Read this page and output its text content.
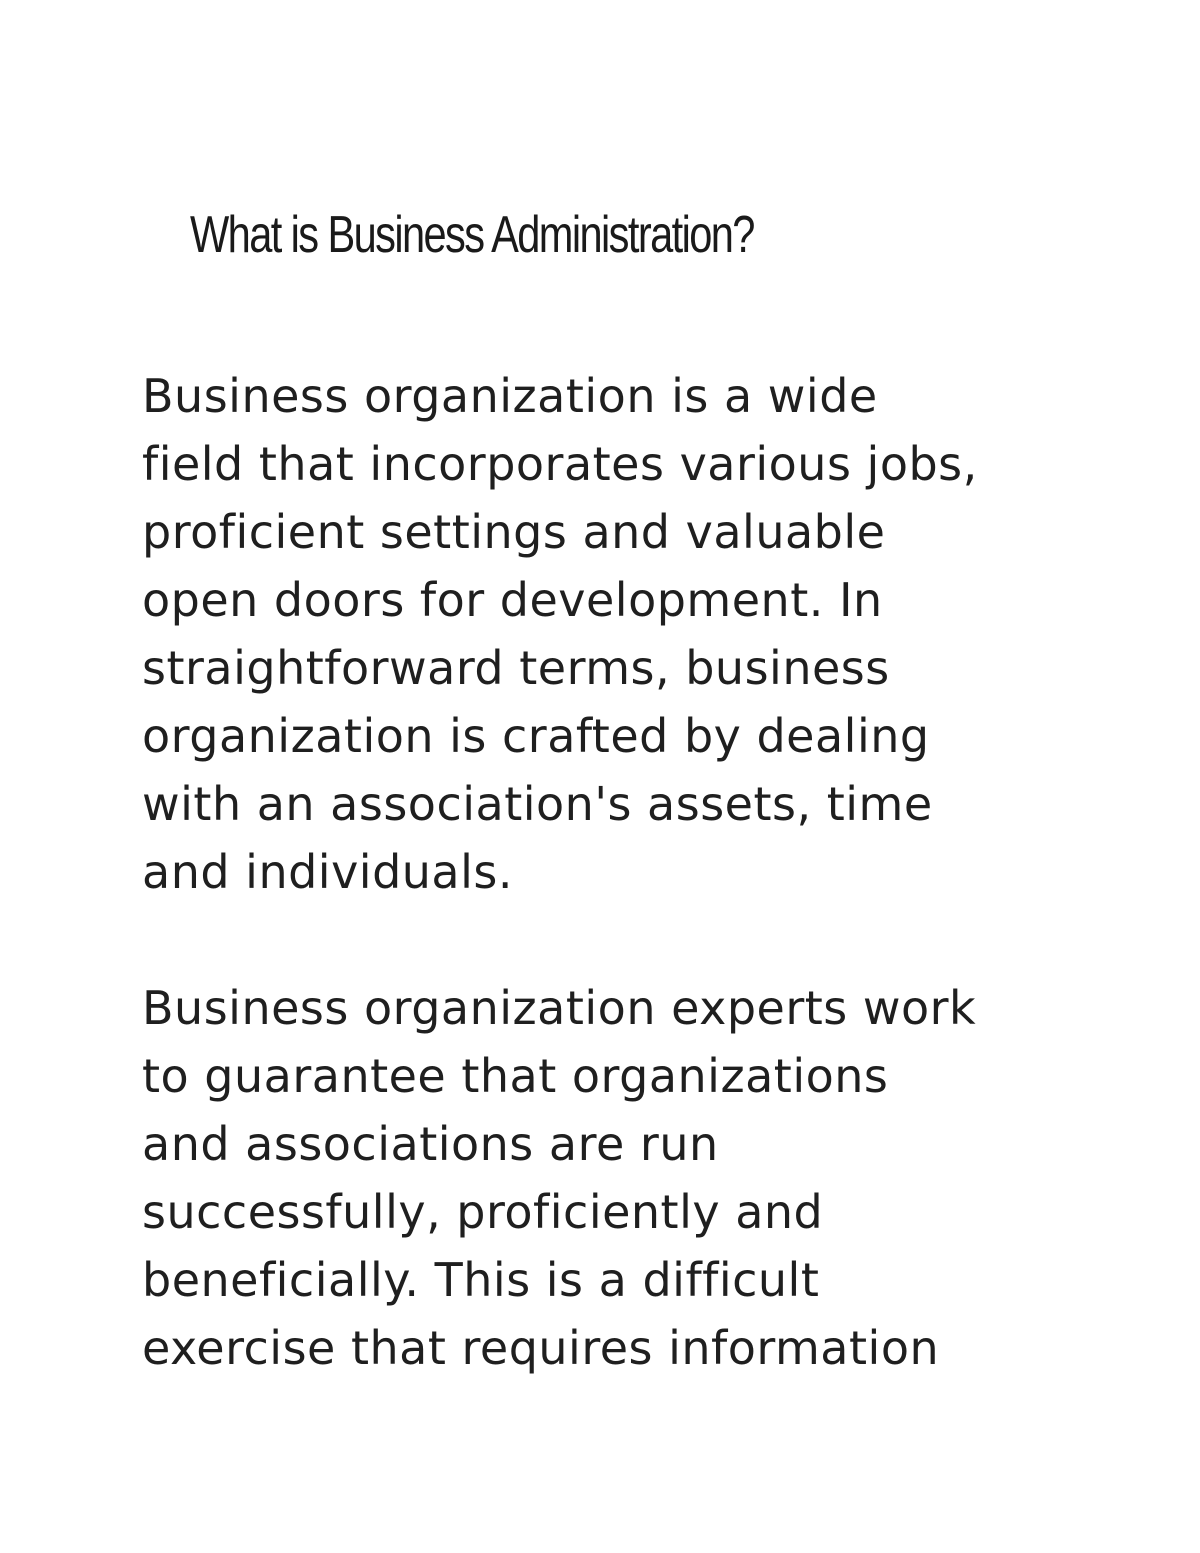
What is Business Administration?

Business organization is a wide
field that incorporates various jobs,
proficient settings and valuable
open doors for development. In
straightforward terms, business
organization is crafted by dealing
with an association's assets, time
and individuals.

Business organization experts work
to guarantee that organizations
and associations are run
successfully, proficiently and
beneficially. This is a difficult
exercise that requires information
